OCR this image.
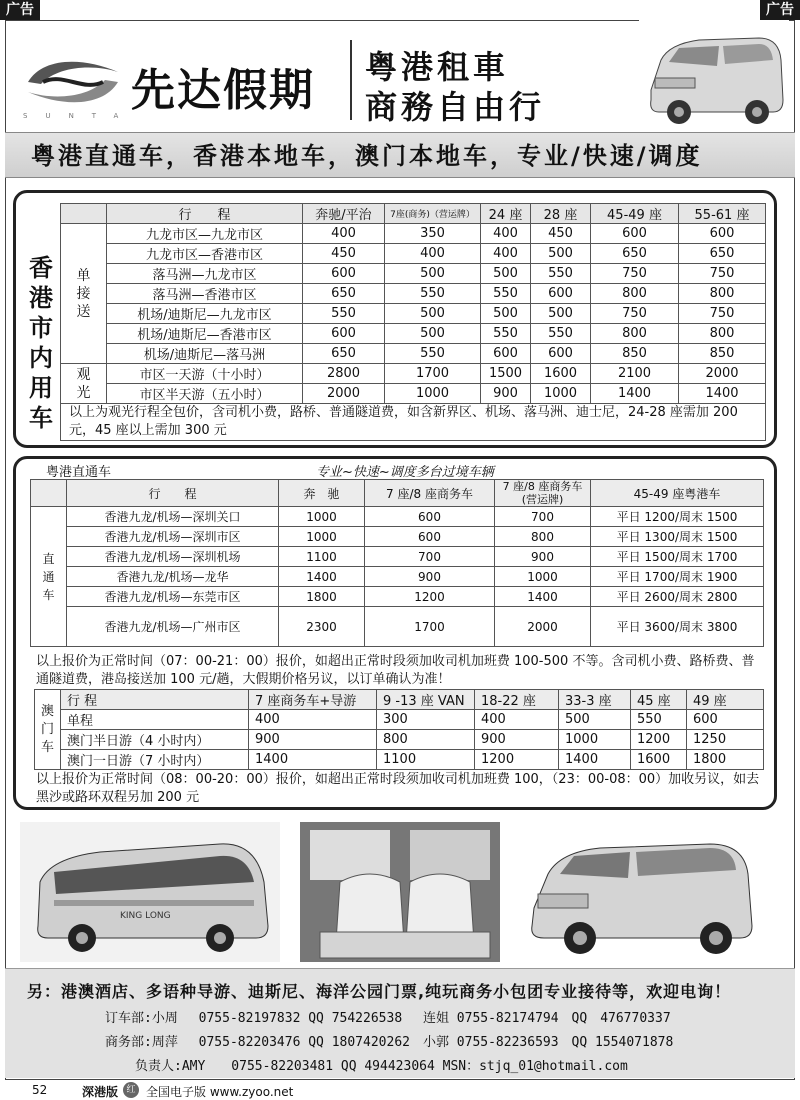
广告	广告
SUNTA
先达假期 粤港租車
商務自由行
粤港直通车，香港本地车，澳门本地车，专业/快速/调度
香
港
市
内
用
车
	行　　程	奔驰/平治	7座(商务)（营运牌）	24 座	28 座	45-49 座	55-61 座

单
接
送	九龙市区—九龙市区	400	350	400	450	600	600
	九龙市区—香港市区	450	400	400	500	650	650
	落马洲—九龙市区	600	500	500	550	750	750
	落马洲—香港市区	650	550	550	600	800	800
	机场/迪斯尼—九龙市区	550	500	500	500	750	750
	机场/迪斯尼—香港市区	600	500	550	550	800	800
	机场/迪斯尼—落马洲	650	550	600	600	850	850

观
光	市区一天游（十小时）	2800	1700	1500	1600	2100	2000
	市区半天游（五小时）	2000	1000	900	1000	1400	1400
以上为观光行程全包价，含司机小费，路桥、普通隧道费，如含新界区、机场、落马洲、迪士尼，24-28 座需加 200 元，45 座以上需加 300 元							
粤港直通车	专业~快速~调度多台过境车辆
	行　　程	奔　驰	7 座/8 座商务车	7 座/8 座商务车(营运牌)	45-49 座粤港车

直
通
车	香港九龙/机场—深圳关口	1000	600	700	平日 1200/周末 1500
	香港九龙/机场—深圳市区	1000	600	800	平日 1300/周末 1500
	香港九龙/机场—深圳机场	1100	700	900	平日 1500/周末 1700
	香港九龙/机场—龙华	1400	900	1000	平日 1700/周末 1900
	香港九龙/机场—东莞市区	1800	1200	1400	平日 2600/周末 2800
	香港九龙/机场—广州市区	2300	1700	2000	平日 3600/周末 3800
以上报价为正常时间（07：00-21：00）报价，如超出正常时段须加收司机加班费 100-500 不等。含司机小费、路桥费、普通隧道费，港岛接送加 100 元/趟，大假期价格另议，以订单确认为准！
澳
门
车	行 程	7 座商务车+导游	9 -13 座 VAN	18-22 座	33-3 座	45 座	49 座
	单程	400	300	400	500	550	600
	澳门半日游（4 小时内）	900	800	900	1000	1200	1250
	澳门一日游（7 小时内）	1400	1100	1200	1400	1600	1800
以上报价为正常时间（08：00-20：00）报价，如超出正常时段须加收司机加班费 100，（23：00-08：00）加收另议，如去黑沙或路环双程另加 200 元
KING LONG
另：港澳酒店、多语种导游、迪斯尼、海洋公园门票,纯玩商务小包团专业接待等，欢迎电询！
订车部:小周　 0755-82197832 QQ 754226538　 连姐 0755-82174794　QQ　476770337
商务部:周萍　 0755-82203476 QQ 1807420262　小郭 0755-82236593　QQ 1554071878
负责人:AMY　　0755-82203481 QQ 494423064 MSN：stjq_01@hotmail.com
52	深港版 红 全国电子版 www.zyoo.net
